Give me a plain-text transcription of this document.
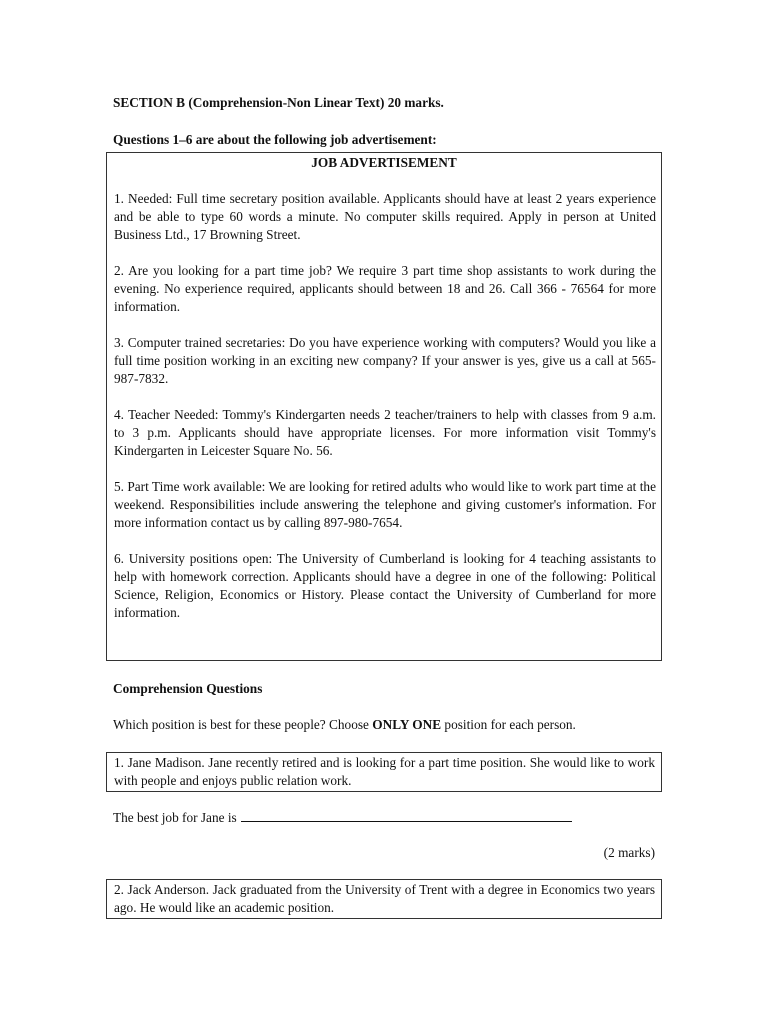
SECTION B (Comprehension-Non Linear Text) 20 marks.
Questions 1–6 are about the following job advertisement:
JOB ADVERTISEMENT
1. Needed: Full time secretary position available. Applicants should have at least 2 years experience and be able to type 60 words a minute. No computer skills required. Apply in person at United Business Ltd., 17 Browning Street.
2. Are you looking for a part time job? We require 3 part time shop assistants to work during the evening. No experience required, applicants should between 18 and 26. Call 366 - 76564 for more information.
3. Computer trained secretaries: Do you have experience working with computers? Would you like a full time position working in an exciting new company? If your answer is yes, give us a call at 565-987-7832.
4. Teacher Needed: Tommy's Kindergarten needs 2 teacher/trainers to help with classes from 9 a.m. to 3 p.m. Applicants should have appropriate licenses. For more information visit Tommy's Kindergarten in Leicester Square No. 56.
5. Part Time work available: We are looking for retired adults who would like to work part time at the weekend. Responsibilities include answering the telephone and giving customer's information. For more information contact us by calling 897-980-7654.
6. University positions open: The University of Cumberland is looking for 4 teaching assistants to help with homework correction. Applicants should have a degree in one of the following: Political Science, Religion, Economics or History. Please contact the University of Cumberland for more information.
Comprehension Questions
Which position is best for these people? Choose ONLY ONE position for each person.
1. Jane Madison. Jane recently retired and is looking for a part time position. She would like to work with people and enjoys public relation work.
The best job for Jane is
(2 marks)
2. Jack Anderson. Jack graduated from the University of Trent with a degree in Economics two years ago. He would like an academic position.
